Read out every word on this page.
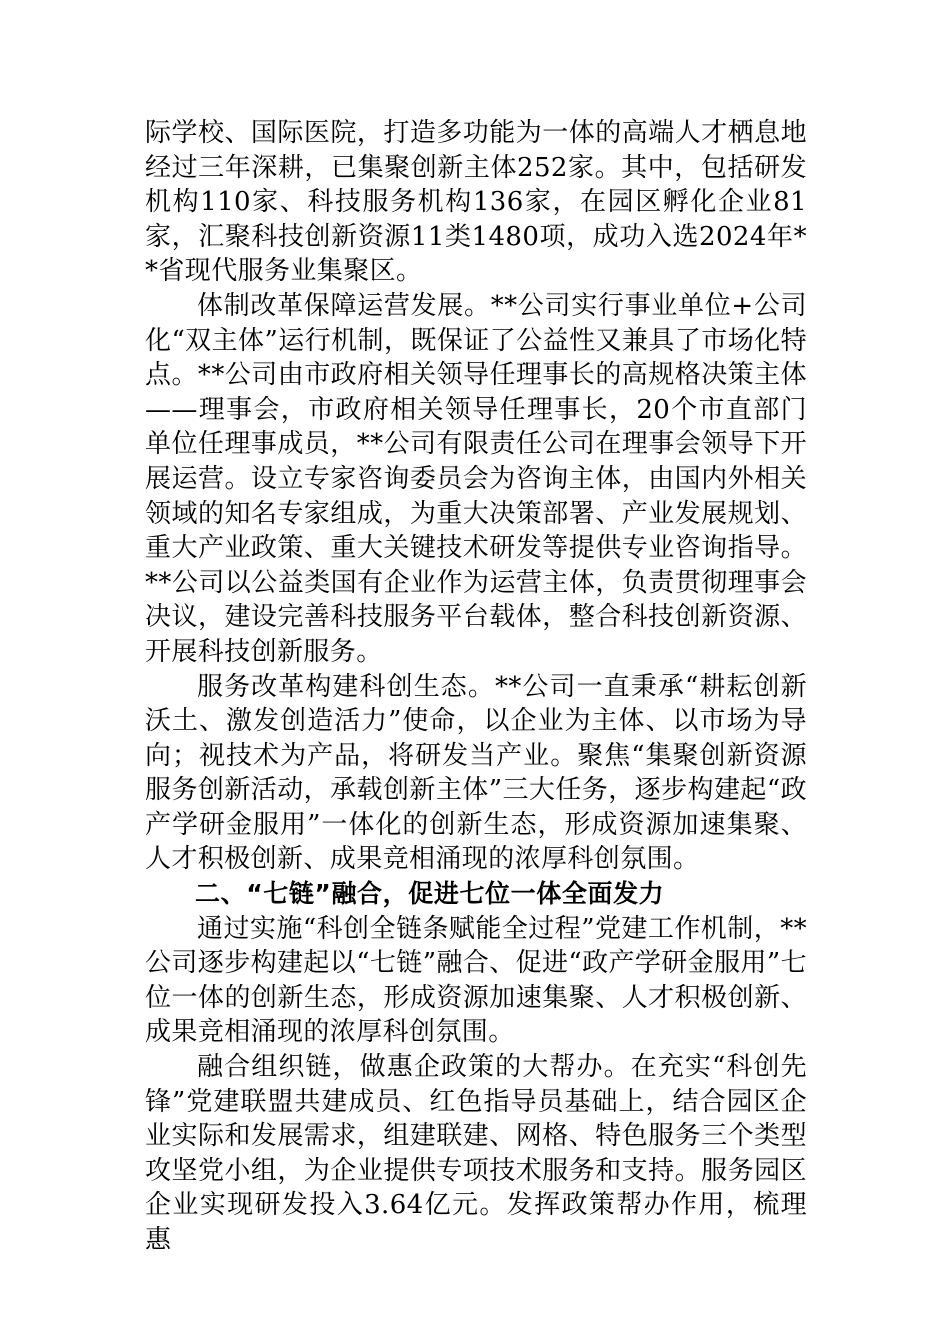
际学校、国际医院，打造多功能为一体的高端人才栖息地经过三年深耕，已集聚创新主体252家。其中，包括研发机构110家、科技服务机构136家，在园区孵化企业81家，汇聚科技创新资源11类1480项，成功入选2024年**省现代服务业集聚区。

体制改革保障运营发展。**公司实行事业单位+公司化“双主体”运行机制，既保证了公益性又兼具了市场化特点。**公司由市政府相关领导任理事长的高规格决策主体——理事会，市政府相关领导任理事长，20个市直部门单位任理事成员，**公司有限责任公司在理事会领导下开展运营。设立专家咨询委员会为咨询主体，由国内外相关领域的知名专家组成，为重大决策部署、产业发展规划、重大产业政策、重大关键技术研发等提供专业咨询指导。**公司以公益类国有企业作为运营主体，负责贯彻理事会决议，建设完善科技服务平台载体，整合科技创新资源、开展科技创新服务。

服务改革构建科创生态。**公司一直秉承“耕耘创新沃土、激发创造活力”使命，以企业为主体、以市场为导向；视技术为产品，将研发当产业。聚焦“集聚创新资源服务创新活动，承载创新主体”三大任务，逐步构建起“政产学研金服用”一体化的创新生态，形成资源加速集聚、人才积极创新、成果竞相涌现的浓厚科创氛围。

二、“七链”融合，促进七位一体全面发力

通过实施“科创全链条赋能全过程”党建工作机制，**公司逐步构建起以“七链”融合、促进“政产学研金服用”七位一体的创新生态，形成资源加速集聚、人才积极创新、成果竞相涌现的浓厚科创氛围。

融合组织链，做惠企政策的大帮办。在充实“科创先锋”党建联盟共建成员、红色指导员基础上，结合园区企业实际和发展需求，组建联建、网格、特色服务三个类型攻坚党小组，为企业提供专项技术服务和支持。服务园区企业实现研发投入3.64亿元。发挥政策帮办作用，梳理惠
